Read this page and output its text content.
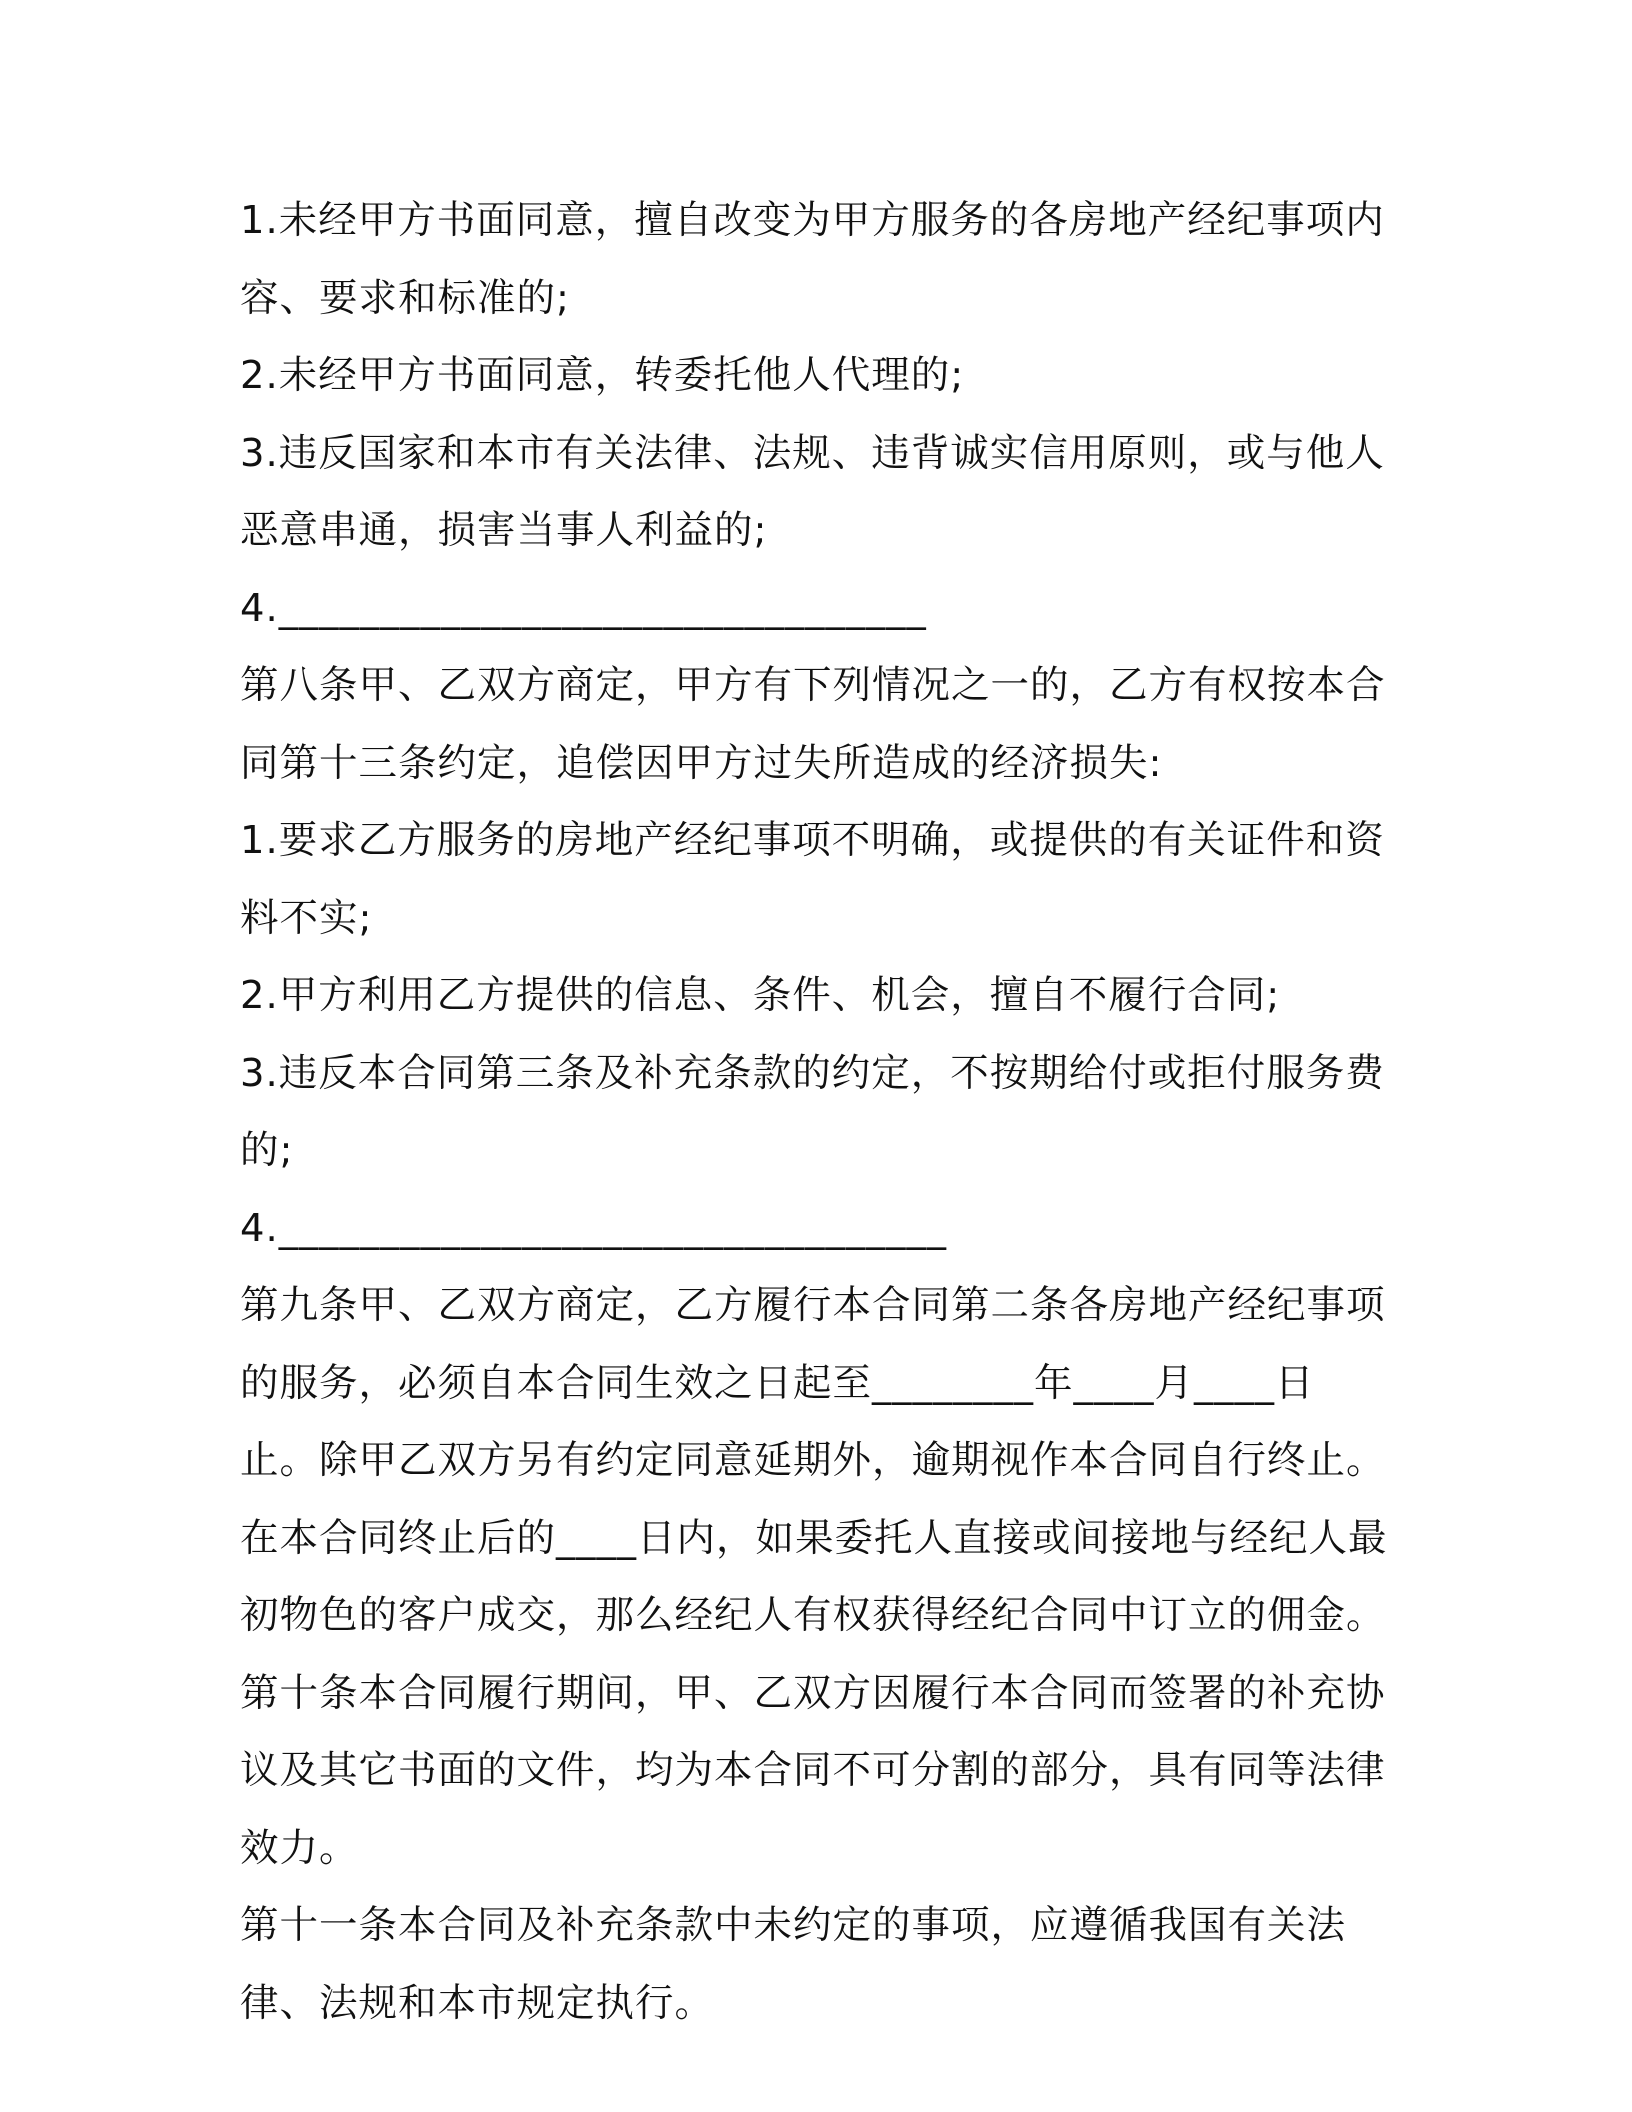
1.未经甲方书面同意，擅自改变为甲方服务的各房地产经纪事项内容、要求和标准的;

2.未经甲方书面同意，转委托他人代理的;

3.违反国家和本市有关法律、法规、违背诚实信用原则，或与他人恶意串通，损害当事人利益的;

4.________________________________

第八条甲、乙双方商定，甲方有下列情况之一的，乙方有权按本合同第十三条约定，追偿因甲方过失所造成的经济损失:

1.要求乙方服务的房地产经纪事项不明确，或提供的有关证件和资料不实;

2.甲方利用乙方提供的信息、条件、机会，擅自不履行合同;

3.违反本合同第三条及补充条款的约定，不按期给付或拒付服务费的;

4._________________________________

第九条甲、乙双方商定，乙方履行本合同第二条各房地产经纪事项的服务，必须自本合同生效之日起至________年____月____日止。除甲乙双方另有约定同意延期外，逾期视作本合同自行终止。在本合同终止后的____日内，如果委托人直接或间接地与经纪人最初物色的客户成交，那么经纪人有权获得经纪合同中订立的佣金。

第十条本合同履行期间，甲、乙双方因履行本合同而签署的补充协议及其它书面的文件，均为本合同不可分割的部分，具有同等法律效力。

第十一条本合同及补充条款中未约定的事项，应遵循我国有关法律、法规和本市规定执行。
